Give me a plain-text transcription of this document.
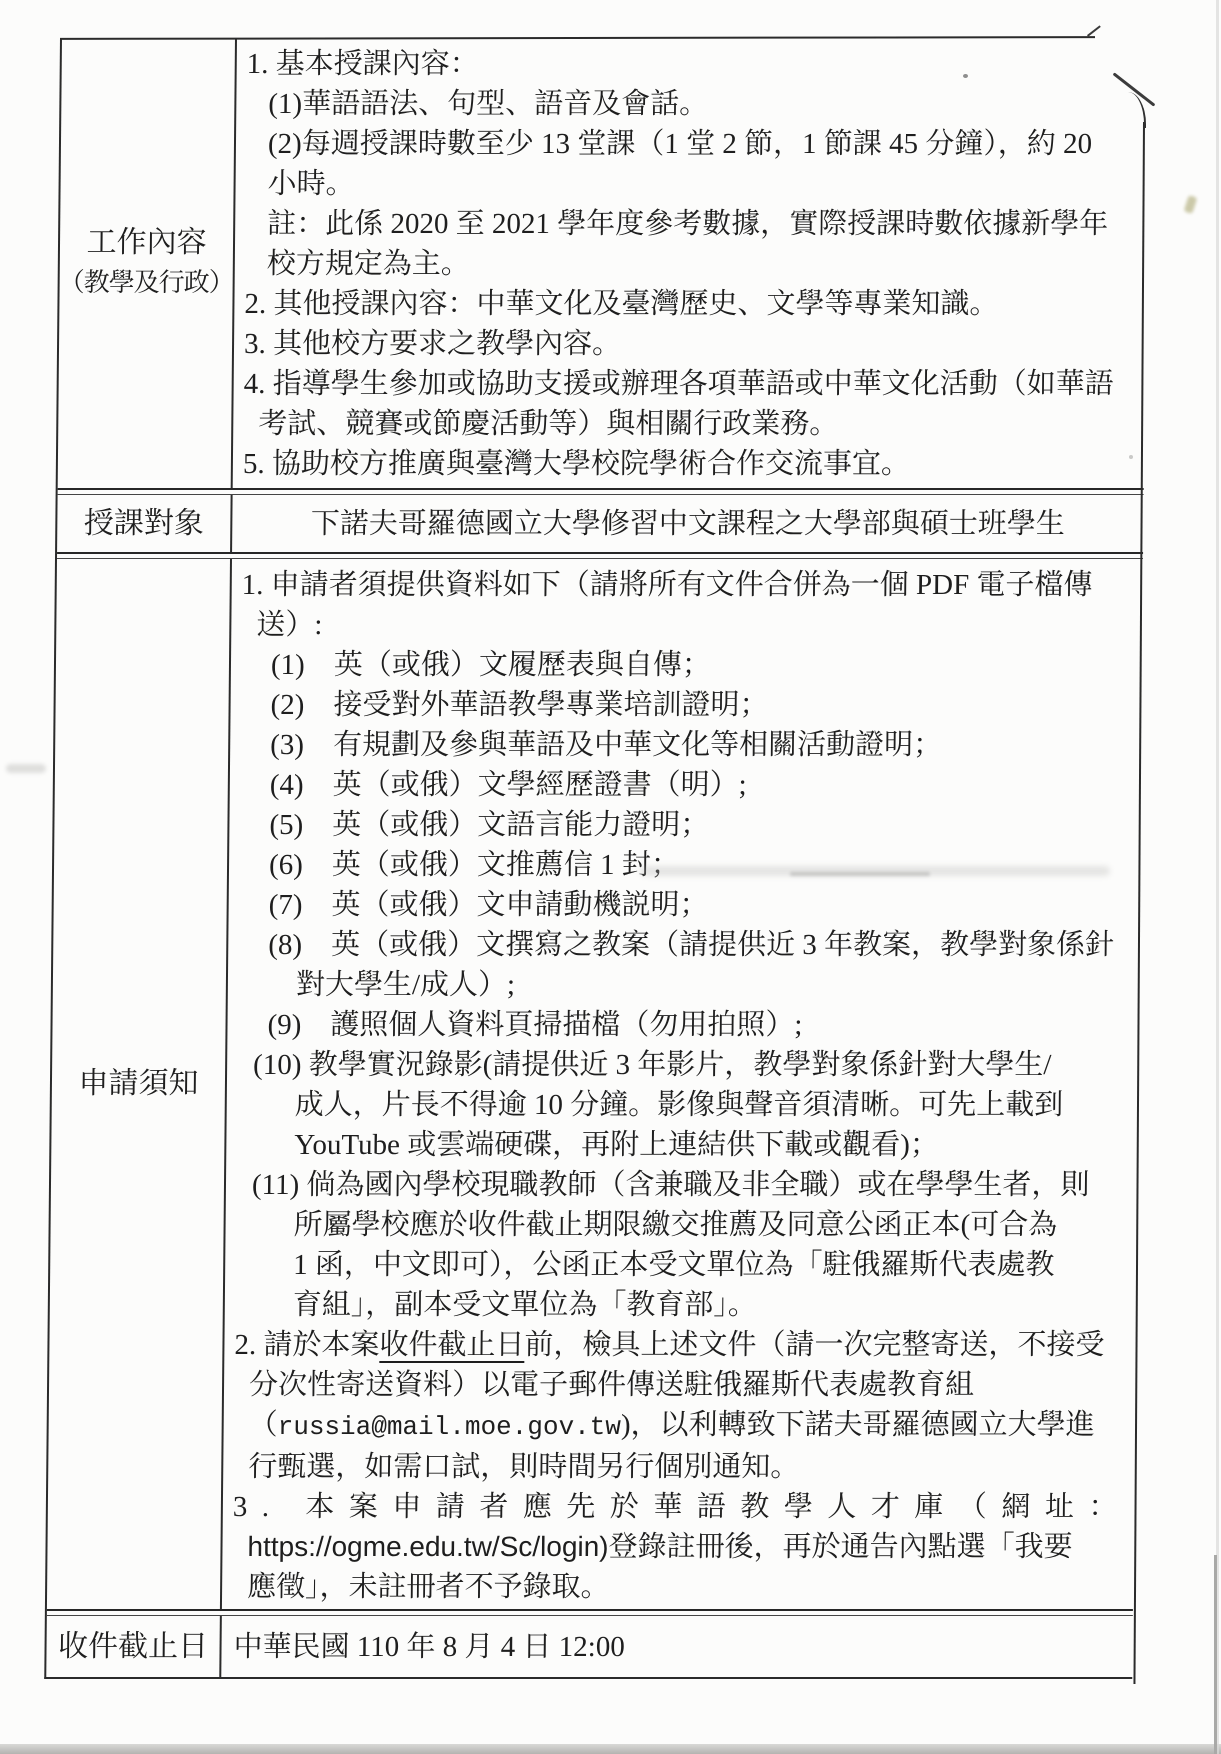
工作內容
（教學及行政）
1. 基本授課內容：
(1)華語語法、句型、語音及會話。
(2)每週授課時數至少 13 堂課（1 堂 2 節，1 節課 45 分鐘），約 20
小時。
註：此係 2020 至 2021 學年度參考數據，實際授課時數依據新學年
校方規定為主。
2. 其他授課內容：中華文化及臺灣歷史、文學等專業知識。
3. 其他校方要求之教學內容。
4. 指導學生參加或協助支援或辦理各項華語或中華文化活動（如華語
考試、競賽或節慶活動等）與相關行政業務。
5. 協助校方推廣與臺灣大學校院學術合作交流事宜。
授課對象	下諾夫哥羅德國立大學修習中文課程之大學部與碩士班學生
申請須知
1. 申請者須提供資料如下（請將所有文件合併為一個 PDF 電子檔傳
送）:
(1)　英（或俄）文履歷表與自傳；
(2)　接受對外華語教學專業培訓證明；
(3)　有規劃及參與華語及中華文化等相關活動證明；
(4)　英（或俄）文學經歷證書（明）;
(5)　英（或俄）文語言能力證明；
(6)　英（或俄）文推薦信 1 封；
(7)　英（或俄）文申請動機説明；
(8)　英（或俄）文撰寫之教案（請提供近 3 年教案，教學對象係針
對大學生/成人）;
(9)　護照個人資料頁掃描檔（勿用拍照）;
(10) 教學實況錄影(請提供近 3 年影片，教學對象係針對大學生/
成人，片長不得逾 10 分鐘。影像與聲音須清晰。可先上載到
YouTube 或雲端硬碟，再附上連結供下載或觀看)；
(11) 倘為國內學校現職教師（含兼職及非全職）或在學學生者，則
所屬學校應於收件截止期限繳交推薦及同意公函正本(可合為
1 函，中文即可），公函正本受文單位為「駐俄羅斯代表處教
育組」，副本受文單位為「教育部」。
2. 請於本案收件截止日前，檢具上述文件（請一次完整寄送，不接受
分次性寄送資料）以電子郵件傳送駐俄羅斯代表處教育組
（russia@mail.moe.gov.tw)，以利轉致下諾夫哥羅德國立大學進
行甄選，如需口試，則時間另行個別通知。
3. 本案申請者應先於華語教學人才庫（網址：
https://ogme.edu.tw/Sc/login)登錄註冊後，再於通告內點選「我要
應徵」，未註冊者不予錄取。
收件截止日 中華民國 110 年 8 月 4 日 12:00
